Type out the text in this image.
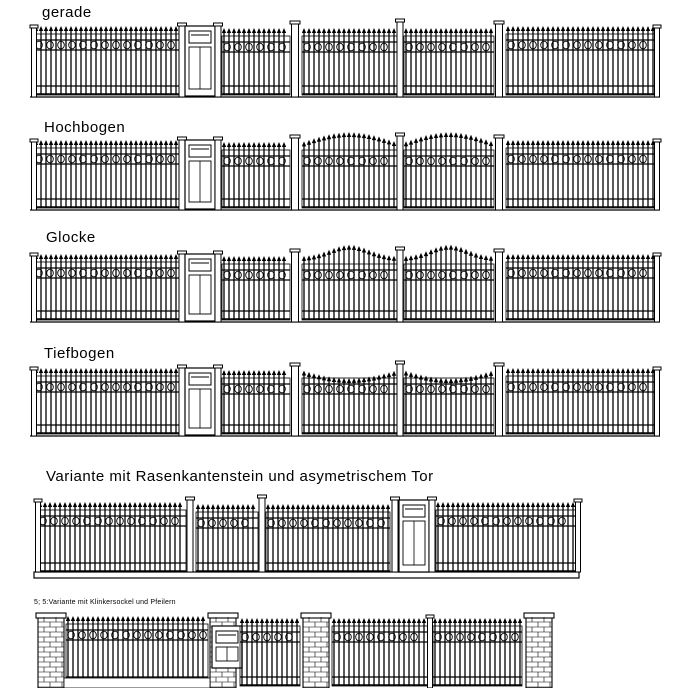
gerade
Hochbogen
Glocke
Tiefbogen
Variante mit Rasenkantenstein und asymetrischem Tor
5; 5:Variante mit Klinkersockel und Pfeilern
